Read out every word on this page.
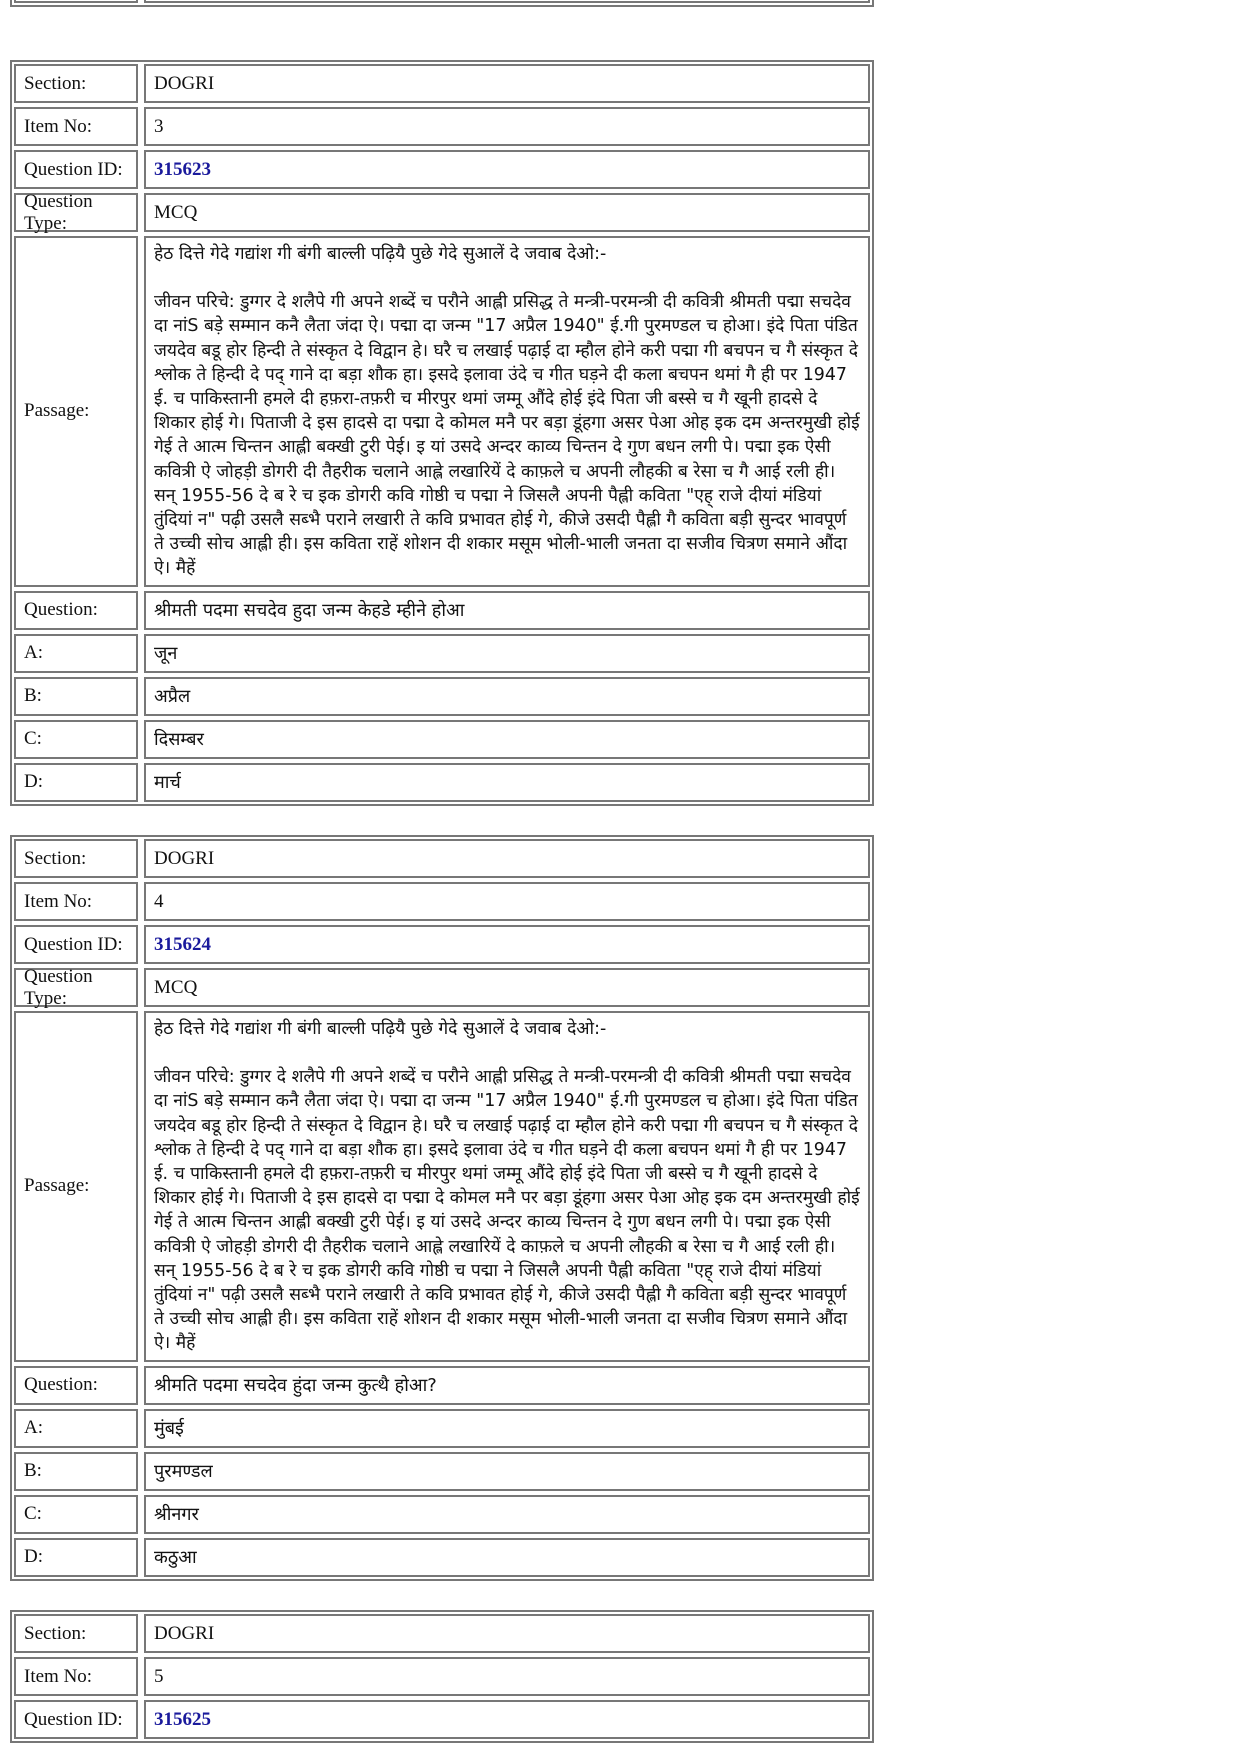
Section:	DOGRI
Item No:	3
Question ID:	315623
Question Type:
MCQ
Passage:

हेठ दित्ते गेदे गद्यांश गी बंगी बाल्ली पढ़ियै पुछे गेदे सुआलें दे जवाब देओ:-

जीवन परिचे: डुग्गर दे शलैपे गी अपने शब्दें च परौने आह्ली प्रसिद्ध ते मन्त्री-परमन्त्री दी कवित्री श्रीमती पद्मा सचदेव दा नांS बड़े सम्मान कनै लैता जंदा ऐ। पद्मा दा जन्म "17 अप्रैल 1940" ई.गी पुरमण्डल च होआ। इंदे पिता पंडित जयदेव बडू होर हिन्दी ते संस्कृत दे विद्वान हे। घरै च लखाई पढ़ाई दा म्हौल होने करी पद्मा गी बचपन च गै संस्कृत दे श्लोक ते हिन्दी दे पद् गाने दा बड़ा शौक हा। इसदे इलावा उंदे च गीत घड़ने दी कला बचपन थमां गै ही पर 1947 ई. च पाकिस्तानी हमले दी हफ़रा-तफ़री च मीरपुर थमां जम्मू औंदे होई इंदे पिता जी बस्से च गै खूनी हादसे दे शिकार होई गे। पिताजी दे इस हादसे दा पद्मा दे कोमल मनै पर बड़ा डूंहगा असर पेआ ओह इक दम अन्तरमुखी होई गेई ते आत्म चिन्तन आह्ली बक्खी टुरी पेई। इ यां उसदे अन्दर काव्य चिन्तन दे गुण बधन लगी पे। पद्मा इक ऐसी कवित्री ऐ जोहड़ी डोगरी दी तैहरीक चलाने आह्ले लखारियें दे काफ़ले च अपनी लौहकी ब रेसा च गै आई रली ही। सन् 1955-56 दे ब रे च इक डोगरी कवि गोष्ठी च पद्मा ने जिसलै अपनी पैह्ली कविता "एह् राजे दीयां मंडियां तुंदियां न" पढ़ी उसलै सब्भै पराने लखारी ते कवि प्रभावत होई गे, कीजे उसदी पैह्ली गै कविता बड़ी सुन्दर भावपूर्ण ते उच्ची सोच आह्ली ही। इस कविता राहें शोशन दी शकार मसूम भोली-भाली जनता दा सजीव चित्रण समाने औंदा ऐ। मैहें

Question:	श्रीमती पदमा सचदेव हुदा जन्म केहडे म्हीने होआ
A:	जून
B:	अप्रैल
C:	दिसम्बर
D:	मार्च
Section:	DOGRI
Item No:	4
Question ID:	315624
Question Type:
MCQ
Passage:

हेठ दित्ते गेदे गद्यांश गी बंगी बाल्ली पढ़ियै पुछे गेदे सुआलें दे जवाब देओ:-

जीवन परिचे: डुग्गर दे शलैपे गी अपने शब्दें च परौने आह्ली प्रसिद्ध ते मन्त्री-परमन्त्री दी कवित्री श्रीमती पद्मा सचदेव दा नांS बड़े सम्मान कनै लैता जंदा ऐ। पद्मा दा जन्म "17 अप्रैल 1940" ई.गी पुरमण्डल च होआ। इंदे पिता पंडित जयदेव बडू होर हिन्दी ते संस्कृत दे विद्वान हे। घरै च लखाई पढ़ाई दा म्हौल होने करी पद्मा गी बचपन च गै संस्कृत दे श्लोक ते हिन्दी दे पद् गाने दा बड़ा शौक हा। इसदे इलावा उंदे च गीत घड़ने दी कला बचपन थमां गै ही पर 1947 ई. च पाकिस्तानी हमले दी हफ़रा-तफ़री च मीरपुर थमां जम्मू औंदे होई इंदे पिता जी बस्से च गै खूनी हादसे दे शिकार होई गे। पिताजी दे इस हादसे दा पद्मा दे कोमल मनै पर बड़ा डूंहगा असर पेआ ओह इक दम अन्तरमुखी होई गेई ते आत्म चिन्तन आह्ली बक्खी टुरी पेई। इ यां उसदे अन्दर काव्य चिन्तन दे गुण बधन लगी पे। पद्मा इक ऐसी कवित्री ऐ जोहड़ी डोगरी दी तैहरीक चलाने आह्ले लखारियें दे काफ़ले च अपनी लौहकी ब रेसा च गै आई रली ही। सन् 1955-56 दे ब रे च इक डोगरी कवि गोष्ठी च पद्मा ने जिसलै अपनी पैह्ली कविता "एह् राजे दीयां मंडियां तुंदियां न" पढ़ी उसलै सब्भै पराने लखारी ते कवि प्रभावत होई गे, कीजे उसदी पैह्ली गै कविता बड़ी सुन्दर भावपूर्ण ते उच्ची सोच आह्ली ही। इस कविता राहें शोशन दी शकार मसूम भोली-भाली जनता दा सजीव चित्रण समाने औंदा ऐ। मैहें

Question:	श्रीमति पदमा सचदेव हुंदा जन्म कुत्थै होआ?
A:	मुंबई
B:	पुरमण्डल
C:	श्रीनगर
D:	कठुआ
Section:	DOGRI
Item No:	5
Question ID:	315625
